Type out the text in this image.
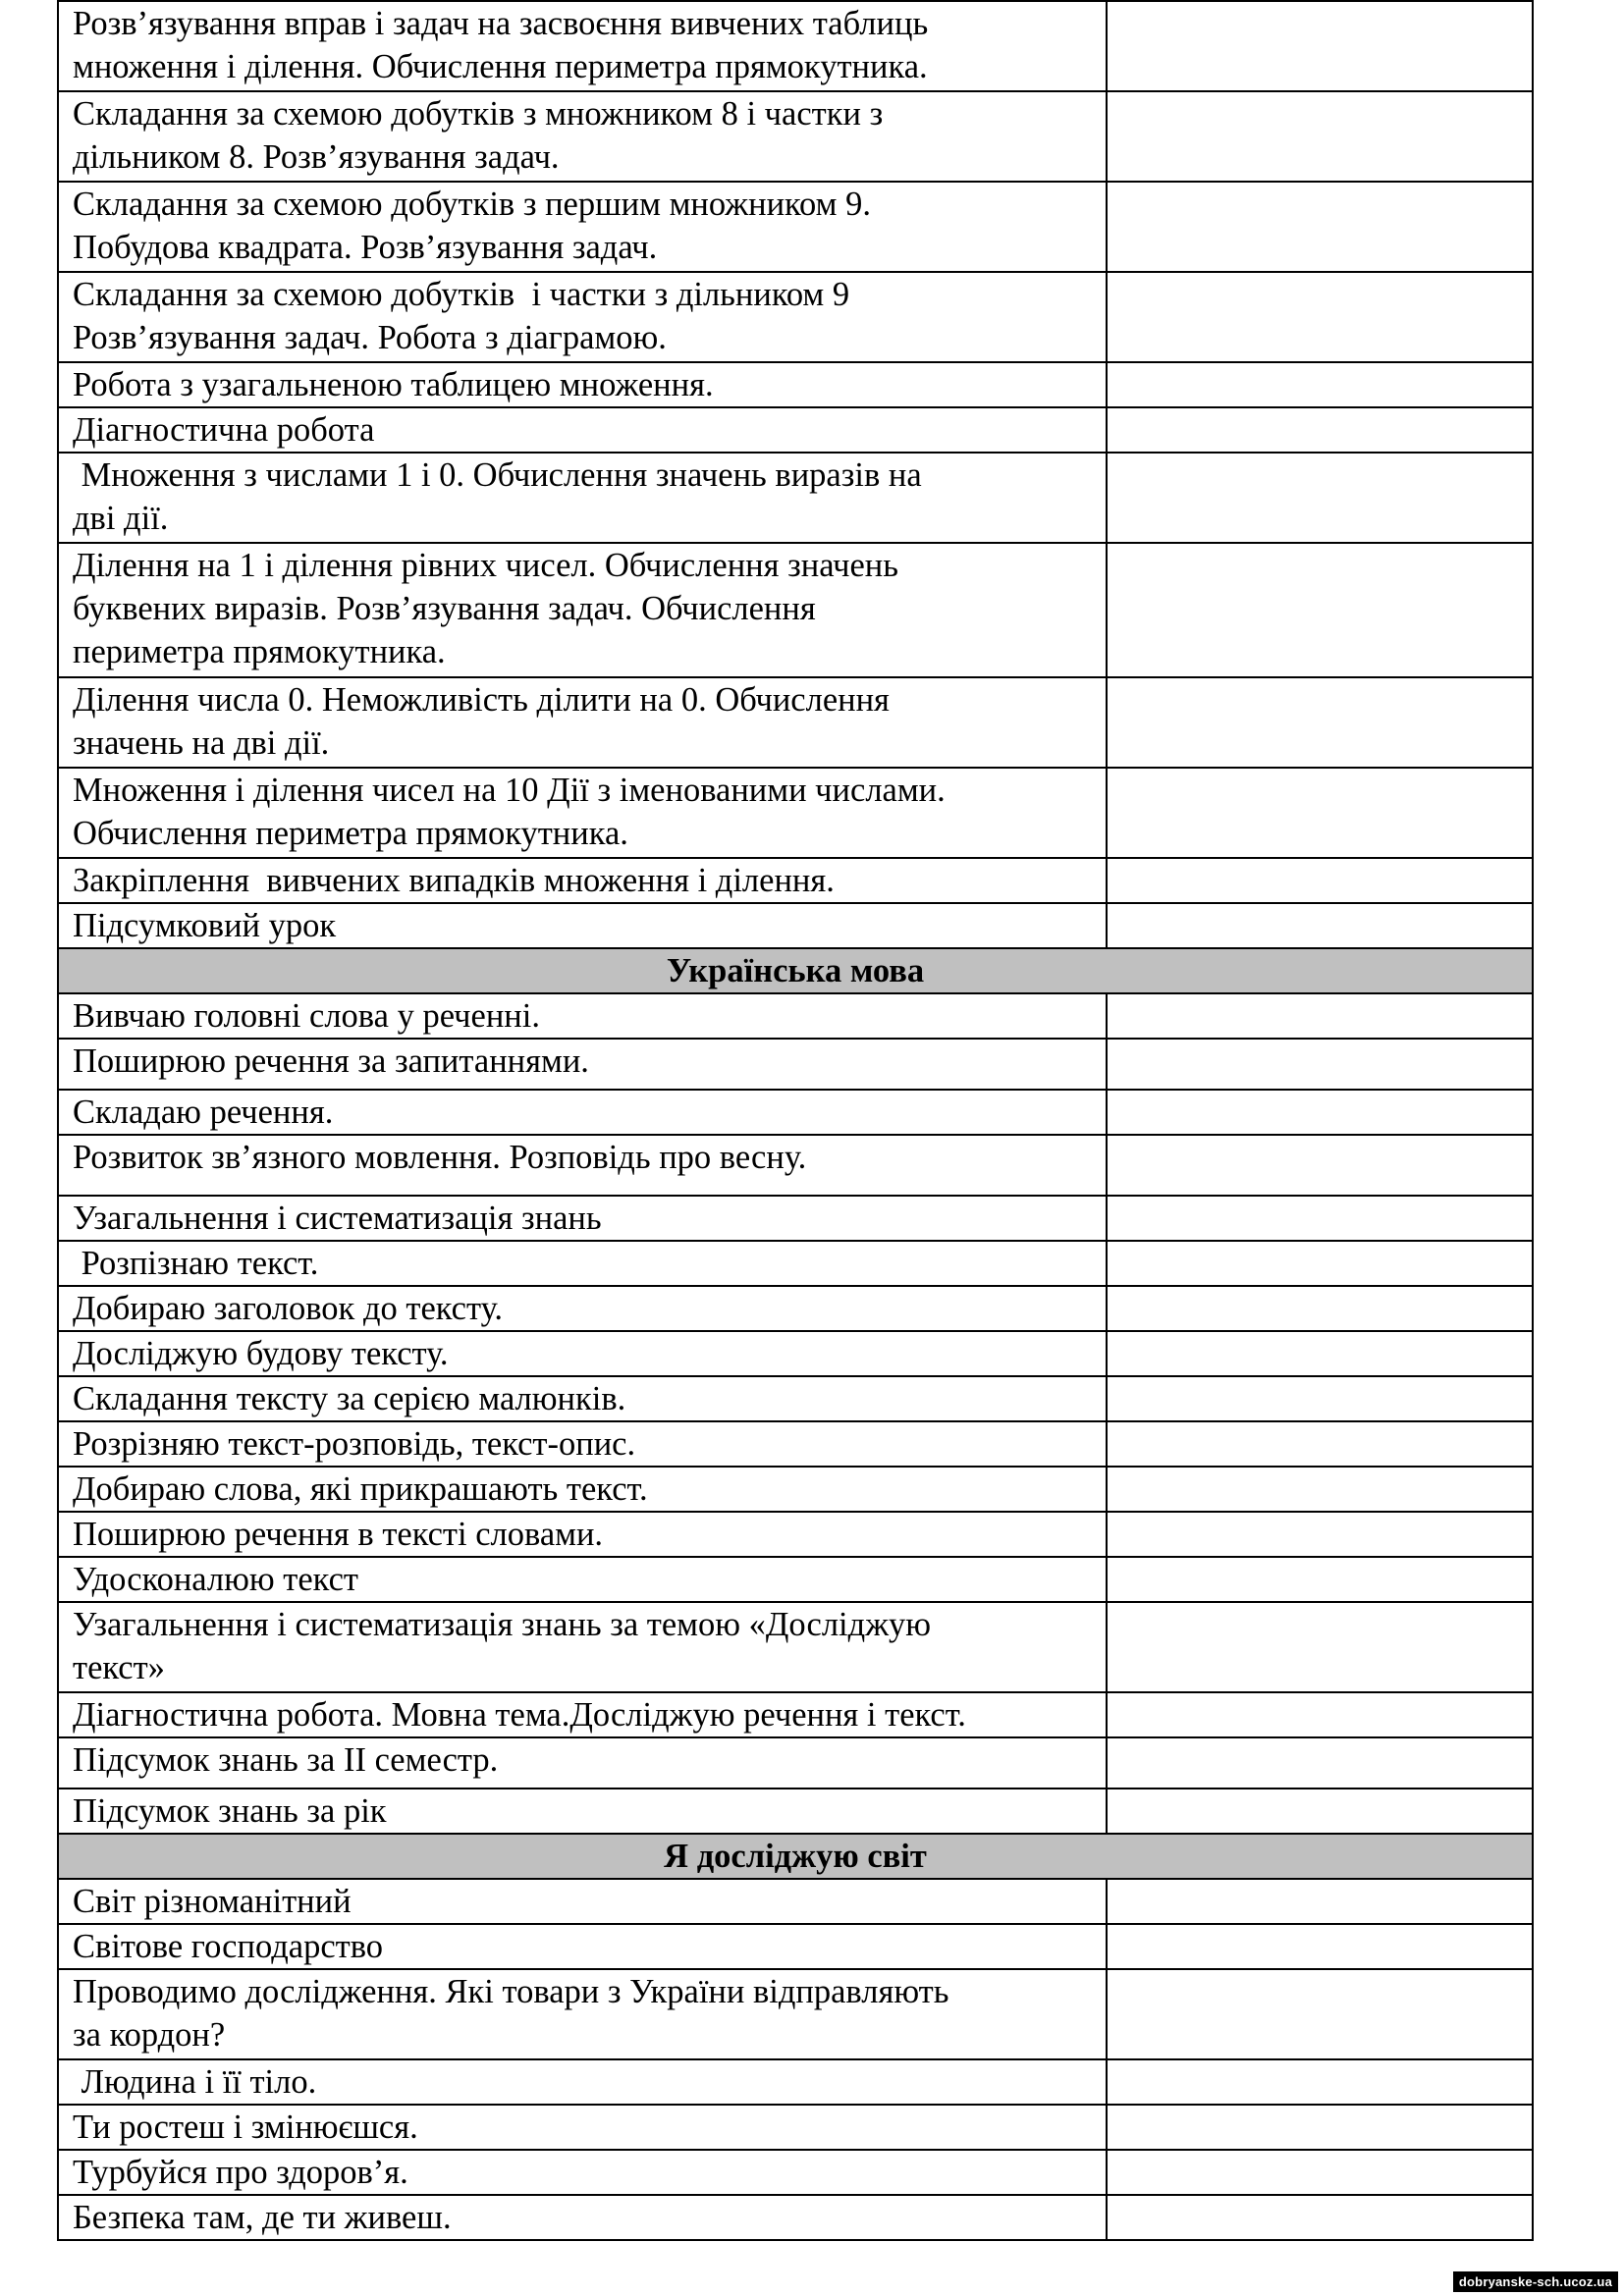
Розв’язування вправ і задач на засвоєння вивчених таблиць
множення і ділення. Обчислення периметра прямокутника.	
Складання за схемою добутків з множником 8 і частки з
дільником 8. Розв’язування задач.	
Складання за схемою добутків з першим множником 9.
Побудова квадрата. Розв’язування задач.	
Складання за схемою добутків  і частки з дільником 9
Розв’язування задач. Робота з діаграмою.	
Робота з узагальненою таблицею множення.	
Діагностична робота	
Множення з числами 1 і 0. Обчислення значень виразів на
дві дії.	
Ділення на 1 і ділення рівних чисел. Обчислення значень
буквених виразів. Розв’язування задач. Обчислення
периметра прямокутника.	
Ділення числа 0. Неможливість ділити на 0. Обчислення
значень на дві дії.	
Множення і ділення чисел на 10 Дії з іменованими числами.
Обчислення периметра прямокутника.	
Закріплення  вивчених випадків множення і ділення.	
Підсумковий урок	
Українська мова	
Вивчаю головні слова у реченні.	
Поширюю речення за запитаннями.	
Складаю речення.	
Розвиток зв’язного мовлення. Розповідь про весну.	
Узагальнення і систематизація знань	
Розпізнаю текст.	
Добираю заголовок до тексту.	
Досліджую будову тексту.	
Складання тексту за серією малюнків.	
Розрізняю текст-розповідь, текст-опис.	
Добираю слова, які прикрашають текст.	
Поширюю речення в тексті словами.	
Удосконалюю текст	
Узагальнення і систематизація знань за темою «Досліджую
текст»	
Діагностична робота. Мовна тема.Досліджую речення і текст.	
Підсумок знань за ІІ семестр.	
Підсумок знань за рік	
Я досліджую світ	
Світ різноманітний	
Світове господарство	
Проводимо дослідження. Які товари з України відправляють
за кордон?	
Людина і її тіло.	
Ти ростеш і змінюєшся.	
Турбуйся про здоров’я.	
Безпека там, де ти живеш.	
dobryanske-sch.ucoz.ua
